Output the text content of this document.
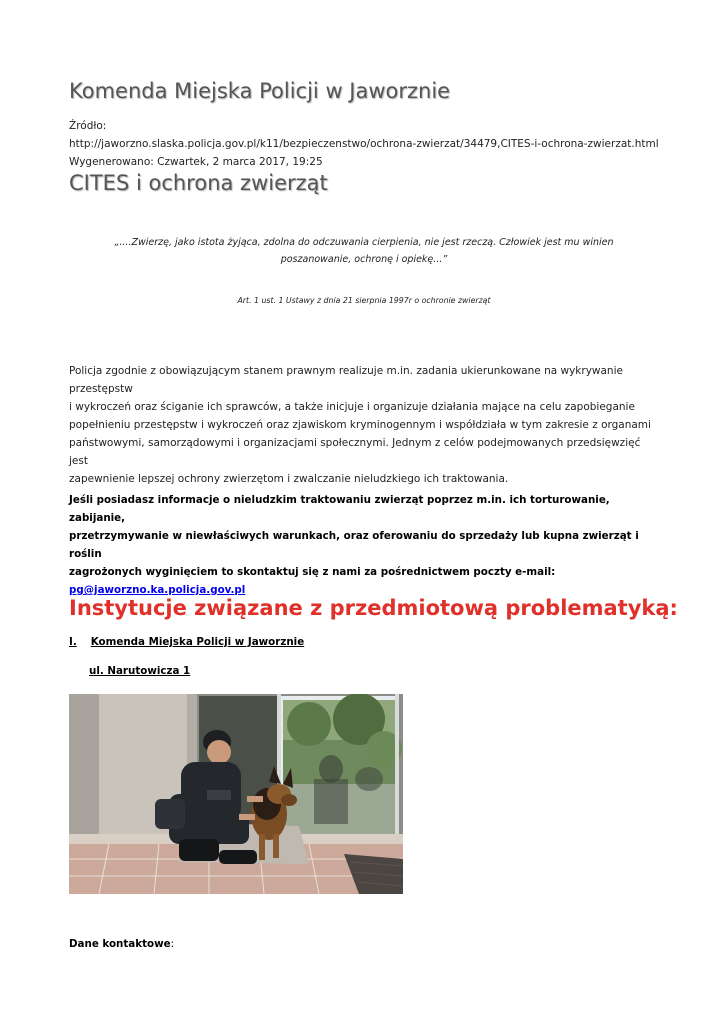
Komenda Miejska Policji w Jaworznie
Źródło:
http://jaworzno.slaska.policja.gov.pl/k11/bezpieczenstwo/ochrona-zwierzat/34479,CITES-i-ochrona-zwierzat.html
Wygenerowano: Czwartek, 2 marca 2017, 19:25
CITES i ochrona zwierząt
„....Zwierzę, jako istota żyjąca, zdolna do odczuwania cierpienia, nie jest rzeczą. Człowiek jest mu winien
poszanowanie, ochronę i opiekę...”
Art. 1 ust. 1 Ustawy z dnia 21 sierpnia 1997r o ochronie zwierząt
Policja zgodnie z obowiązującym stanem prawnym realizuje m.in. zadania ukierunkowane na wykrywanie przestępstw
i wykroczeń oraz ściganie ich sprawców, a także inicjuje i organizuje działania mające na celu zapobieganie
popełnieniu przestępstw i wykroczeń oraz zjawiskom kryminogennym i współdziała w tym zakresie z organami
państwowymi, samorządowymi i organizacjami społecznymi. Jednym z celów podejmowanych przedsięwzięć jest
zapewnienie lepszej ochrony zwierzętom i zwalczanie nieludzkiego ich traktowania.
Jeśli posiadasz informacje o nieludzkim traktowaniu zwierząt poprzez m.in. ich torturowanie, zabijanie,
przetrzymywanie w niewłaściwych warunkach, oraz oferowaniu do sprzedaży lub kupna zwierząt i roślin
zagrożonych wyginięciem to skontaktuj się z nami za pośrednictwem poczty e-mail:
pg@jaworzno.ka.policja.gov.pl
Instytucje związane z przedmiotową problematyką:
I. Komenda Miejska Policji w Jaworznie
ul. Narutowicza 1
Dane kontaktowe:
